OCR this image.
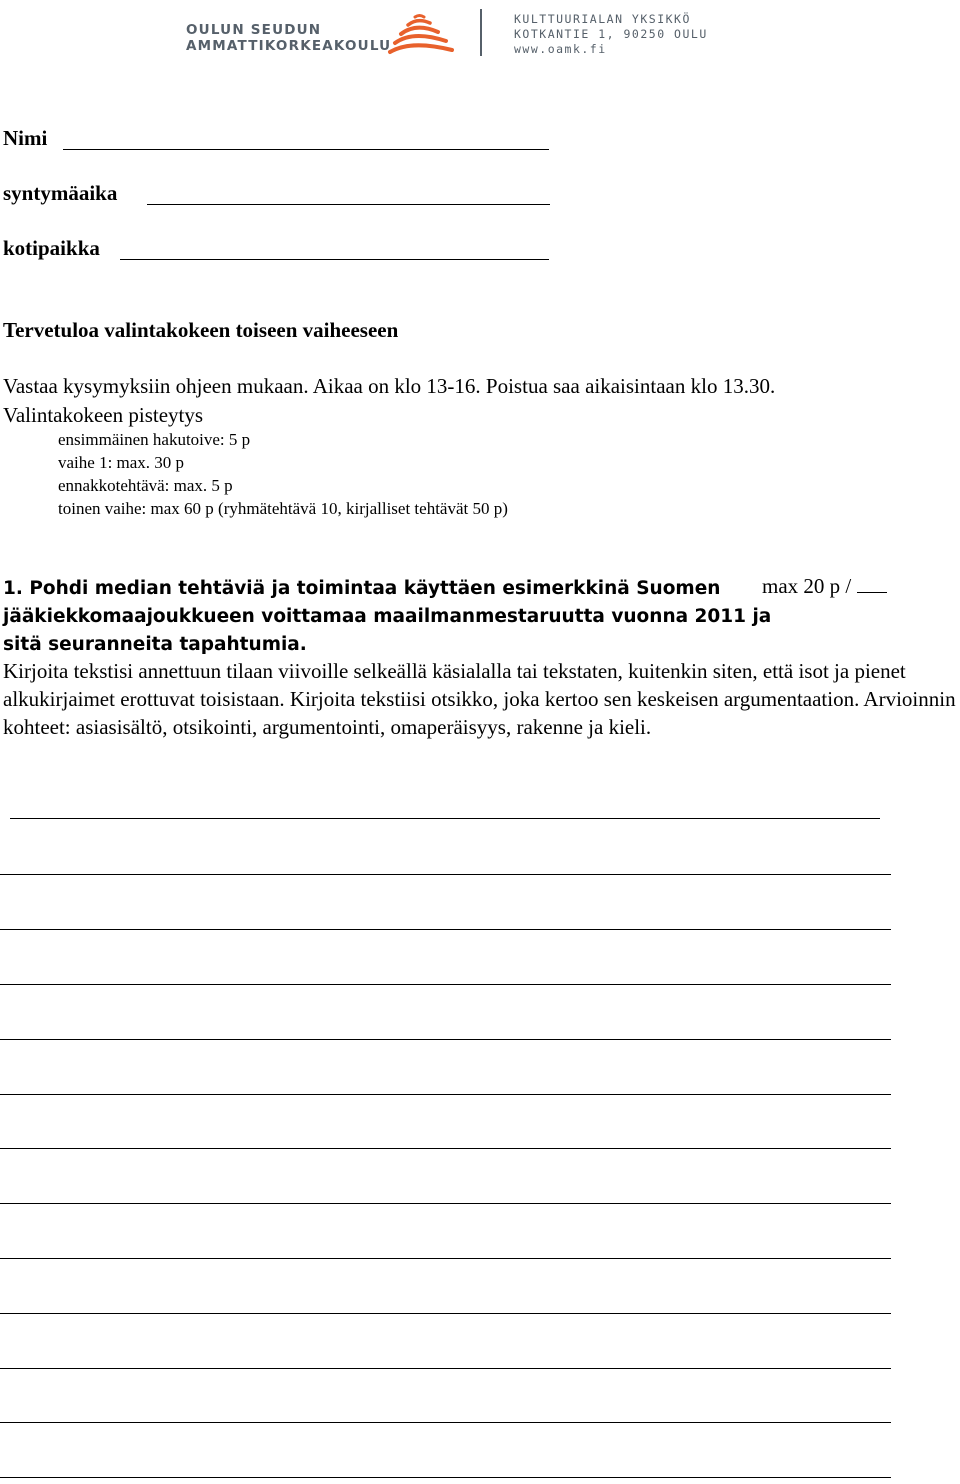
OULUN SEUDUN
AMMATTIKORKEAKOULU
KULTTUURIALAN YKSIKKÖ
KOTKANTIE 1, 90250 OULU
www.oamk.fi
Nimi
syntymäaika
kotipaikka
Tervetuloa valintakokeen toiseen vaiheeseen
Vastaa kysymyksiin ohjeen mukaan. Aikaa on klo 13-16. Poistua saa aikaisintaan klo 13.30.
Valintakokeen pisteytys
ensimmäinen hakutoive: 5 p
vaihe 1: max. 30 p
ennakkotehtävä: max. 5 p
toinen vaihe: max 60 p (ryhmätehtävä 10, kirjalliset tehtävät 50 p)
1. Pohdi median tehtäviä ja toimintaa käyttäen esimerkkinä Suomen
jääkiekkomaajoukkueen voittamaa maailmanmestaruutta vuonna 2011 ja
sitä seuranneita tapahtumia.
max 20 p /
Kirjoita tekstisi annettuun tilaan viivoille selkeällä käsialalla tai tekstaten, kuitenkin siten, että isot ja pienet alkukirjaimet erottuvat toisistaan. Kirjoita tekstiisi otsikko, joka kertoo sen keskeisen argumentaation. Arvioinnin kohteet: asiasisältö, otsikointi, argumentointi, omaperäisyys, rakenne ja kieli.
